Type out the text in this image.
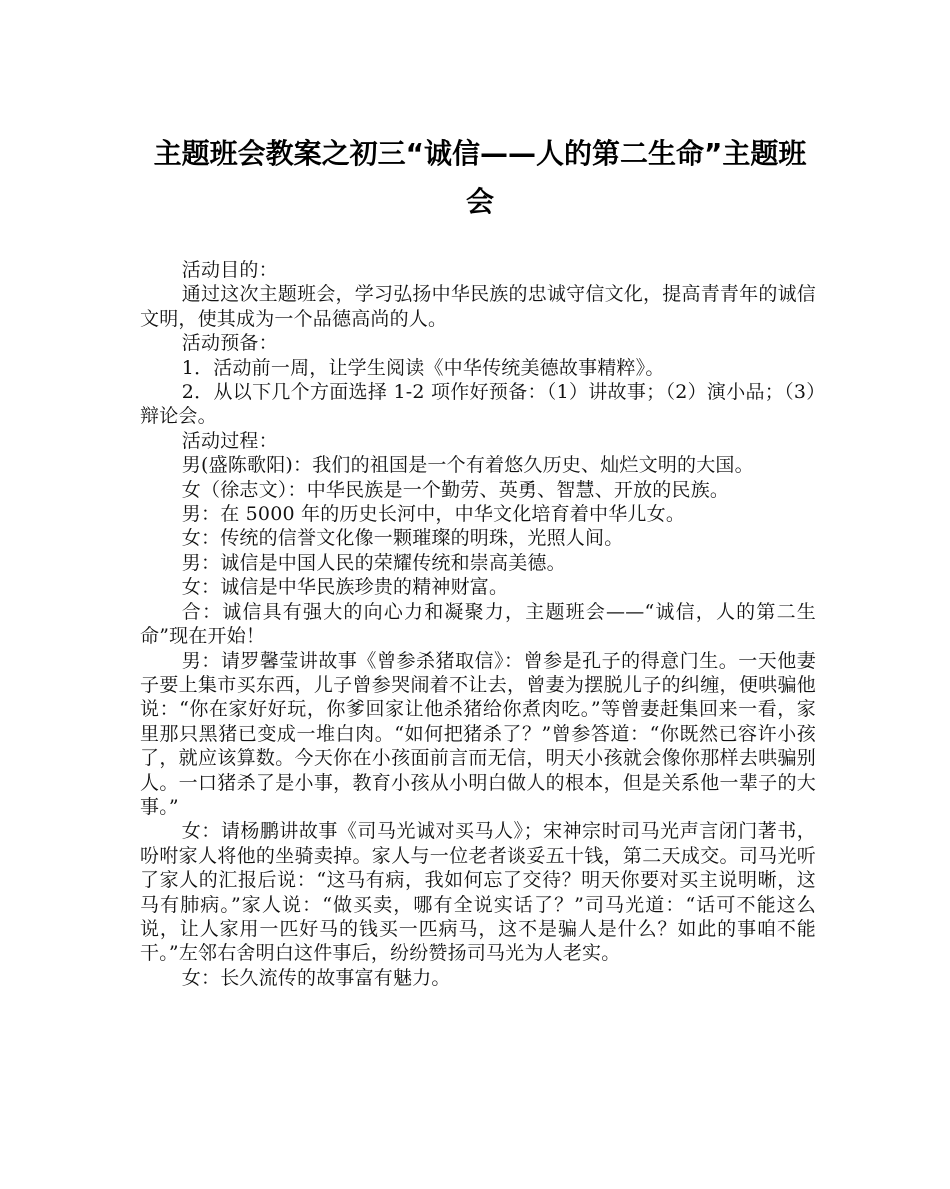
主题班会教案之初三“诚信——人的第二生命”主题班会

活动目的：

通过这次主题班会，学习弘扬中华民族的忠诚守信文化，提高青青年的诚信文明，使其成为一个品德高尚的人。

活动预备：

1．活动前一周，让学生阅读《中华传统美德故事精粹》。

2．从以下几个方面选择 1-2 项作好预备：（1）讲故事；（2）演小品；（3）辩论会。

活动过程：

男(盛陈歌阳)：我们的祖国是一个有着悠久历史、灿烂文明的大国。

女（徐志文）：中华民族是一个勤劳、英勇、智慧、开放的民族。

男：在 5000 年的历史长河中，中华文化培育着中华儿女。

女：传统的信誉文化像一颗璀璨的明珠，光照人间。

男：诚信是中国人民的荣耀传统和崇高美德。

女：诚信是中华民族珍贵的精神财富。

合：诚信具有强大的向心力和凝聚力，主题班会——“诚信，人的第二生命”现在开始！

男：请罗馨莹讲故事《曾参杀猪取信》：曾参是孔子的得意门生。一天他妻子要上集市买东西，儿子曾参哭闹着不让去，曾妻为摆脱儿子的纠缠，便哄骗他说：“你在家好好玩，你爹回家让他杀猪给你煮肉吃。”等曾妻赶集回来一看，家里那只黑猪已变成一堆白肉。“如何把猪杀了？”曾参答道：“你既然已容许小孩了，就应该算数。今天你在小孩面前言而无信，明天小孩就会像你那样去哄骗别人。一口猪杀了是小事，教育小孩从小明白做人的根本，但是关系他一辈子的大事。”

女：请杨鹏讲故事《司马光诚对买马人》；宋神宗时司马光声言闭门著书，吩咐家人将他的坐骑卖掉。家人与一位老者谈妥五十钱，第二天成交。司马光听了家人的汇报后说：“这马有病，我如何忘了交待？明天你要对买主说明晰，这马有肺病。”家人说：“做买卖，哪有全说实话了？”司马光道：“话可不能这么说，让人家用一匹好马的钱买一匹病马，这不是骗人是什么？如此的事咱不能干。”左邻右舍明白这件事后，纷纷赞扬司马光为人老实。

女：长久流传的故事富有魅力。
